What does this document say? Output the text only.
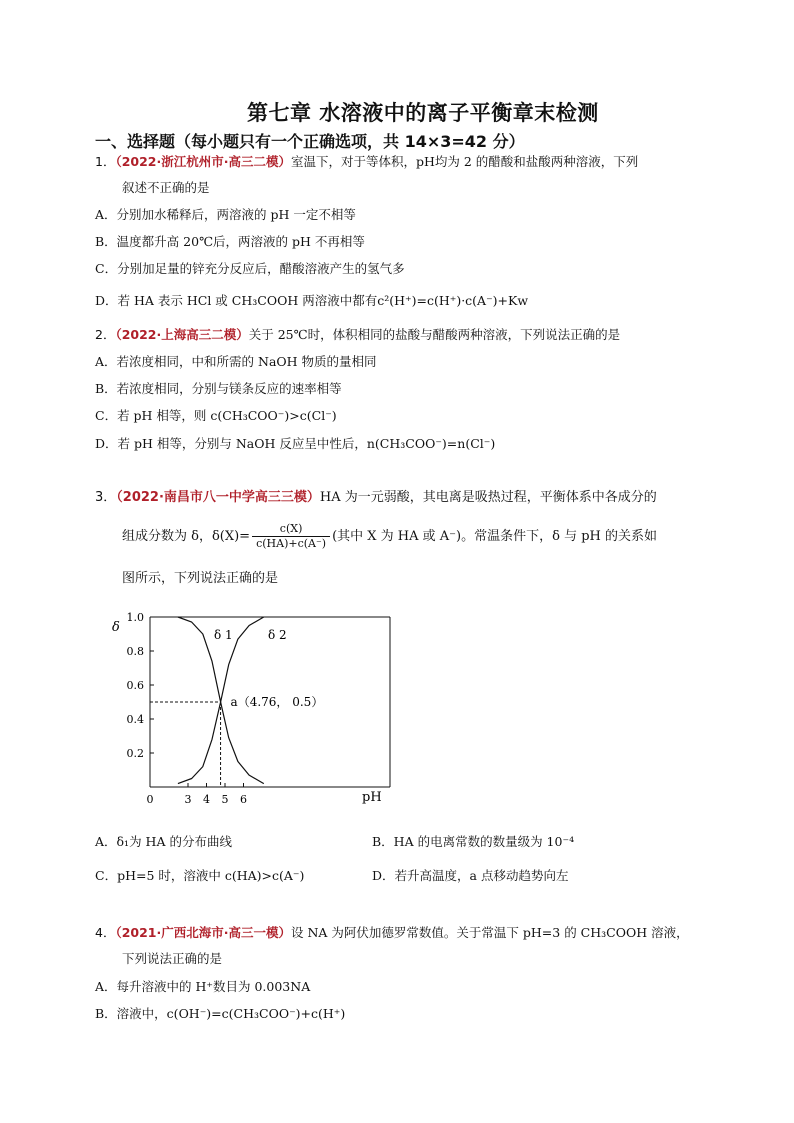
第七章 水溶液中的离子平衡章末检测
一、选择题（每小题只有一个正确选项，共 14×3=42 分）
1．（2022·浙江杭州市·高三二模）室温下，对于等体积，pH均为 2 的醋酸和盐酸两种溶液，下列
叙述不正确的是
A．分别加水稀释后，两溶液的 pH 一定不相等
B．温度都升高 20℃后，两溶液的 pH 不再相等
C．分别加足量的锌充分反应后，醋酸溶液产生的氢气多
D．若 HA 表示 HCl 或 CH₃COOH 两溶液中都有c²(H⁺)=c(H⁺)·c(A⁻)+Kw
2．（2022·上海高三二模）关于 25℃时，体积相同的盐酸与醋酸两种溶液，下列说法正确的是
A．若浓度相同，中和所需的 NaOH 物质的量相同
B．若浓度相同，分别与镁条反应的速率相等
C．若 pH 相等，则 c(CH₃COO⁻)>c(Cl⁻)
D．若 pH 相等，分别与 NaOH 反应呈中性后，n(CH₃COO⁻)=n(Cl⁻)
3．（2022·南昌市八一中学高三三模）HA 为一元弱酸，其电离是吸热过程，平衡体系中各成分的
组成分数为 δ，$\delta(X)= \frac{c(X)}{c(HA)+c(A^-)}$ (其中 X 为 HA 或 A⁻)。常温条件下，δ 与 pH 的关系如
图所示，下列说法正确的是
0	3 4 5 6
0.2
0.4
0.6
0.8
1.0
pH
δ	δ 1	δ 2
a（4.76， 0.5）
A．δ₁为 HA 的分布曲线	B．HA 的电离常数的数量级为 10⁻⁴
C．pH=5 时，溶液中 c(HA)>c(A⁻)	D．若升高温度，a 点移动趋势向左
4．（2021·广西北海市·高三一模）设 NA 为阿伏加德罗常数值。关于常温下 pH=3 的 CH₃COOH 溶液，
下列说法正确的是
A．每升溶液中的 H⁺数目为 0.003NA
B．溶液中，c(OH⁻)=c(CH₃COO⁻)+c(H⁺)
